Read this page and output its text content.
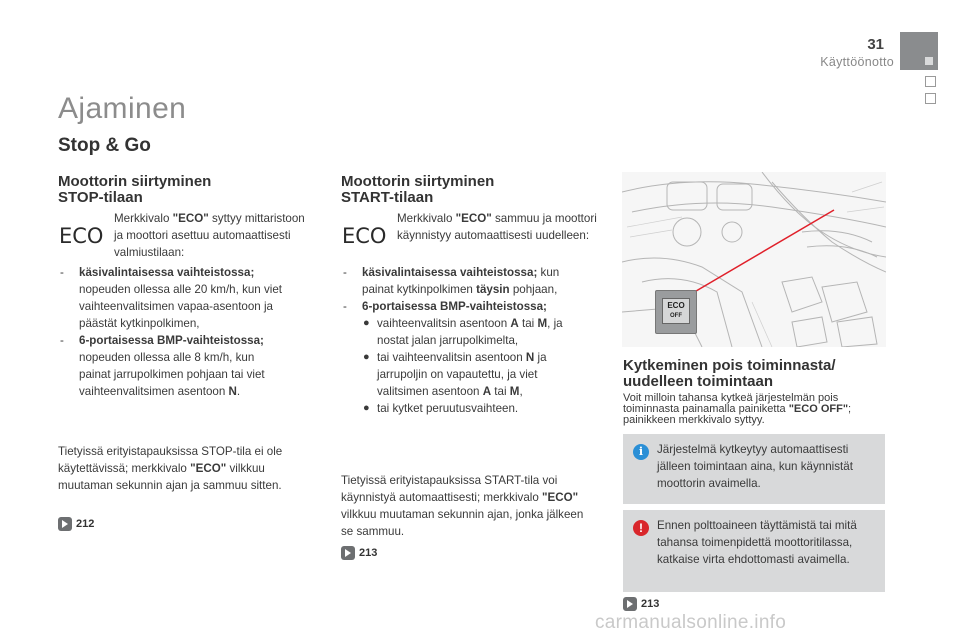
31
Käyttöönotto
Ajaminen
Stop & Go
Moottorin siirtyminen
STOP-tilaan
ECO
Merkkivalo "ECO" syttyy mittaristoon
ja moottori asettuu automaattisesti
valmiustilaan:
- käsivalintaisessa vaihteistossa;
nopeuden ollessa alle 20 km/h, kun viet
vaihteenvalitsimen vapaa-asentoon ja
päästät kytkinpolkimen,
- 6-portaisessa BMP-vaihteistossa;
nopeuden ollessa alle 8 km/h, kun
painat jarrupolkimen pohjaan tai viet
vaihteenvalitsimen asentoon N.
Tietyissä erityistapauksissa STOP-tila ei ole
käytettävissä; merkkivalo "ECO" vilkkuu
muutaman sekunnin ajan ja sammuu sitten.
212
Moottorin siirtyminen
START-tilaan
ECO
Merkkivalo "ECO" sammuu ja moottori
käynnistyy automaattisesti uudelleen:
- käsivalintaisessa vaihteistossa; kun
painat kytkinpolkimen täysin pohjaan,
- 6-portaisessa BMP-vaihteistossa;
● vaihteenvalitsin asentoon A tai M, ja
nostat jalan jarrupolkimelta,
● tai vaihteenvalitsin asentoon N ja
jarrupoljin on vapautettu, ja viet
valitsimen asentoon A tai M,
● tai kytket peruutusvaihteen.
Tietyissä erityistapauksissa START-tila voi
käynnistyä automaattisesti; merkkivalo "ECO"
vilkkuu muutaman sekunnin ajan, jonka jälkeen
se sammuu.
213
ECO
OFF
Kytkeminen pois toiminnasta/
uudelleen toimintaan
Voit milloin tahansa kytkeä järjestelmän pois
toiminnasta painamalla painiketta "ECO OFF";
painikkeen merkkivalo syttyy.
i	Järjestelmä kytkeytyy automaattisesti
jälleen toimintaan aina, kun käynnistät
moottorin avaimella.
!	Ennen polttoaineen täyttämistä tai mitä
tahansa toimenpidettä moottoritilassa,
katkaise virta ehdottomasti avaimella.
213
carmanualsonline.info
